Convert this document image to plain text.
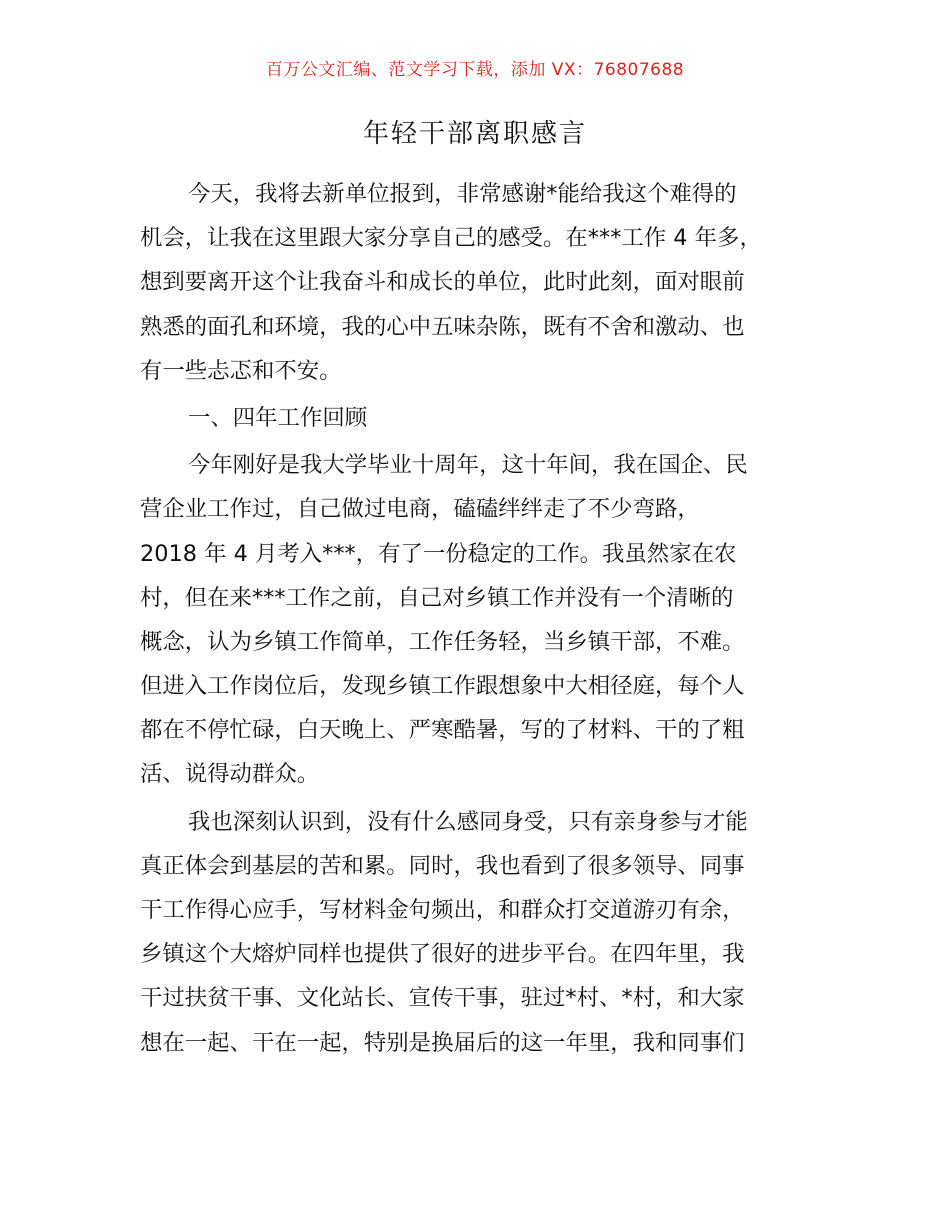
百万公文汇编、范文学习下载，添加 VX：76807688
年轻干部离职感言

今天，我将去新单位报到，非常感谢*能给我这个难得的
机会，让我在这里跟大家分享自己的感受。在***工作 4 年多，
想到要离开这个让我奋斗和成长的单位，此时此刻，面对眼前
熟悉的面孔和环境，我的心中五味杂陈，既有不舍和激动、也
有一些忐忑和不安。

一、四年工作回顾

今年刚好是我大学毕业十周年，这十年间，我在国企、民
营企业工作过，自己做过电商，磕磕绊绊走了不少弯路，
2018 年 4 月考入***，有了一份稳定的工作。我虽然家在农
村，但在来***工作之前，自己对乡镇工作并没有一个清晰的
概念，认为乡镇工作简单，工作任务轻，当乡镇干部，不难。
但进入工作岗位后，发现乡镇工作跟想象中大相径庭，每个人
都在不停忙碌，白天晚上、严寒酷暑，写的了材料、干的了粗
活、说得动群众。

我也深刻认识到，没有什么感同身受，只有亲身参与才能
真正体会到基层的苦和累。同时，我也看到了很多领导、同事
干工作得心应手，写材料金句频出，和群众打交道游刃有余，
乡镇这个大熔炉同样也提供了很好的进步平台。在四年里，我
干过扶贫干事、文化站长、宣传干事，驻过*村、*村，和大家
想在一起、干在一起，特别是换届后的这一年里，我和同事们
